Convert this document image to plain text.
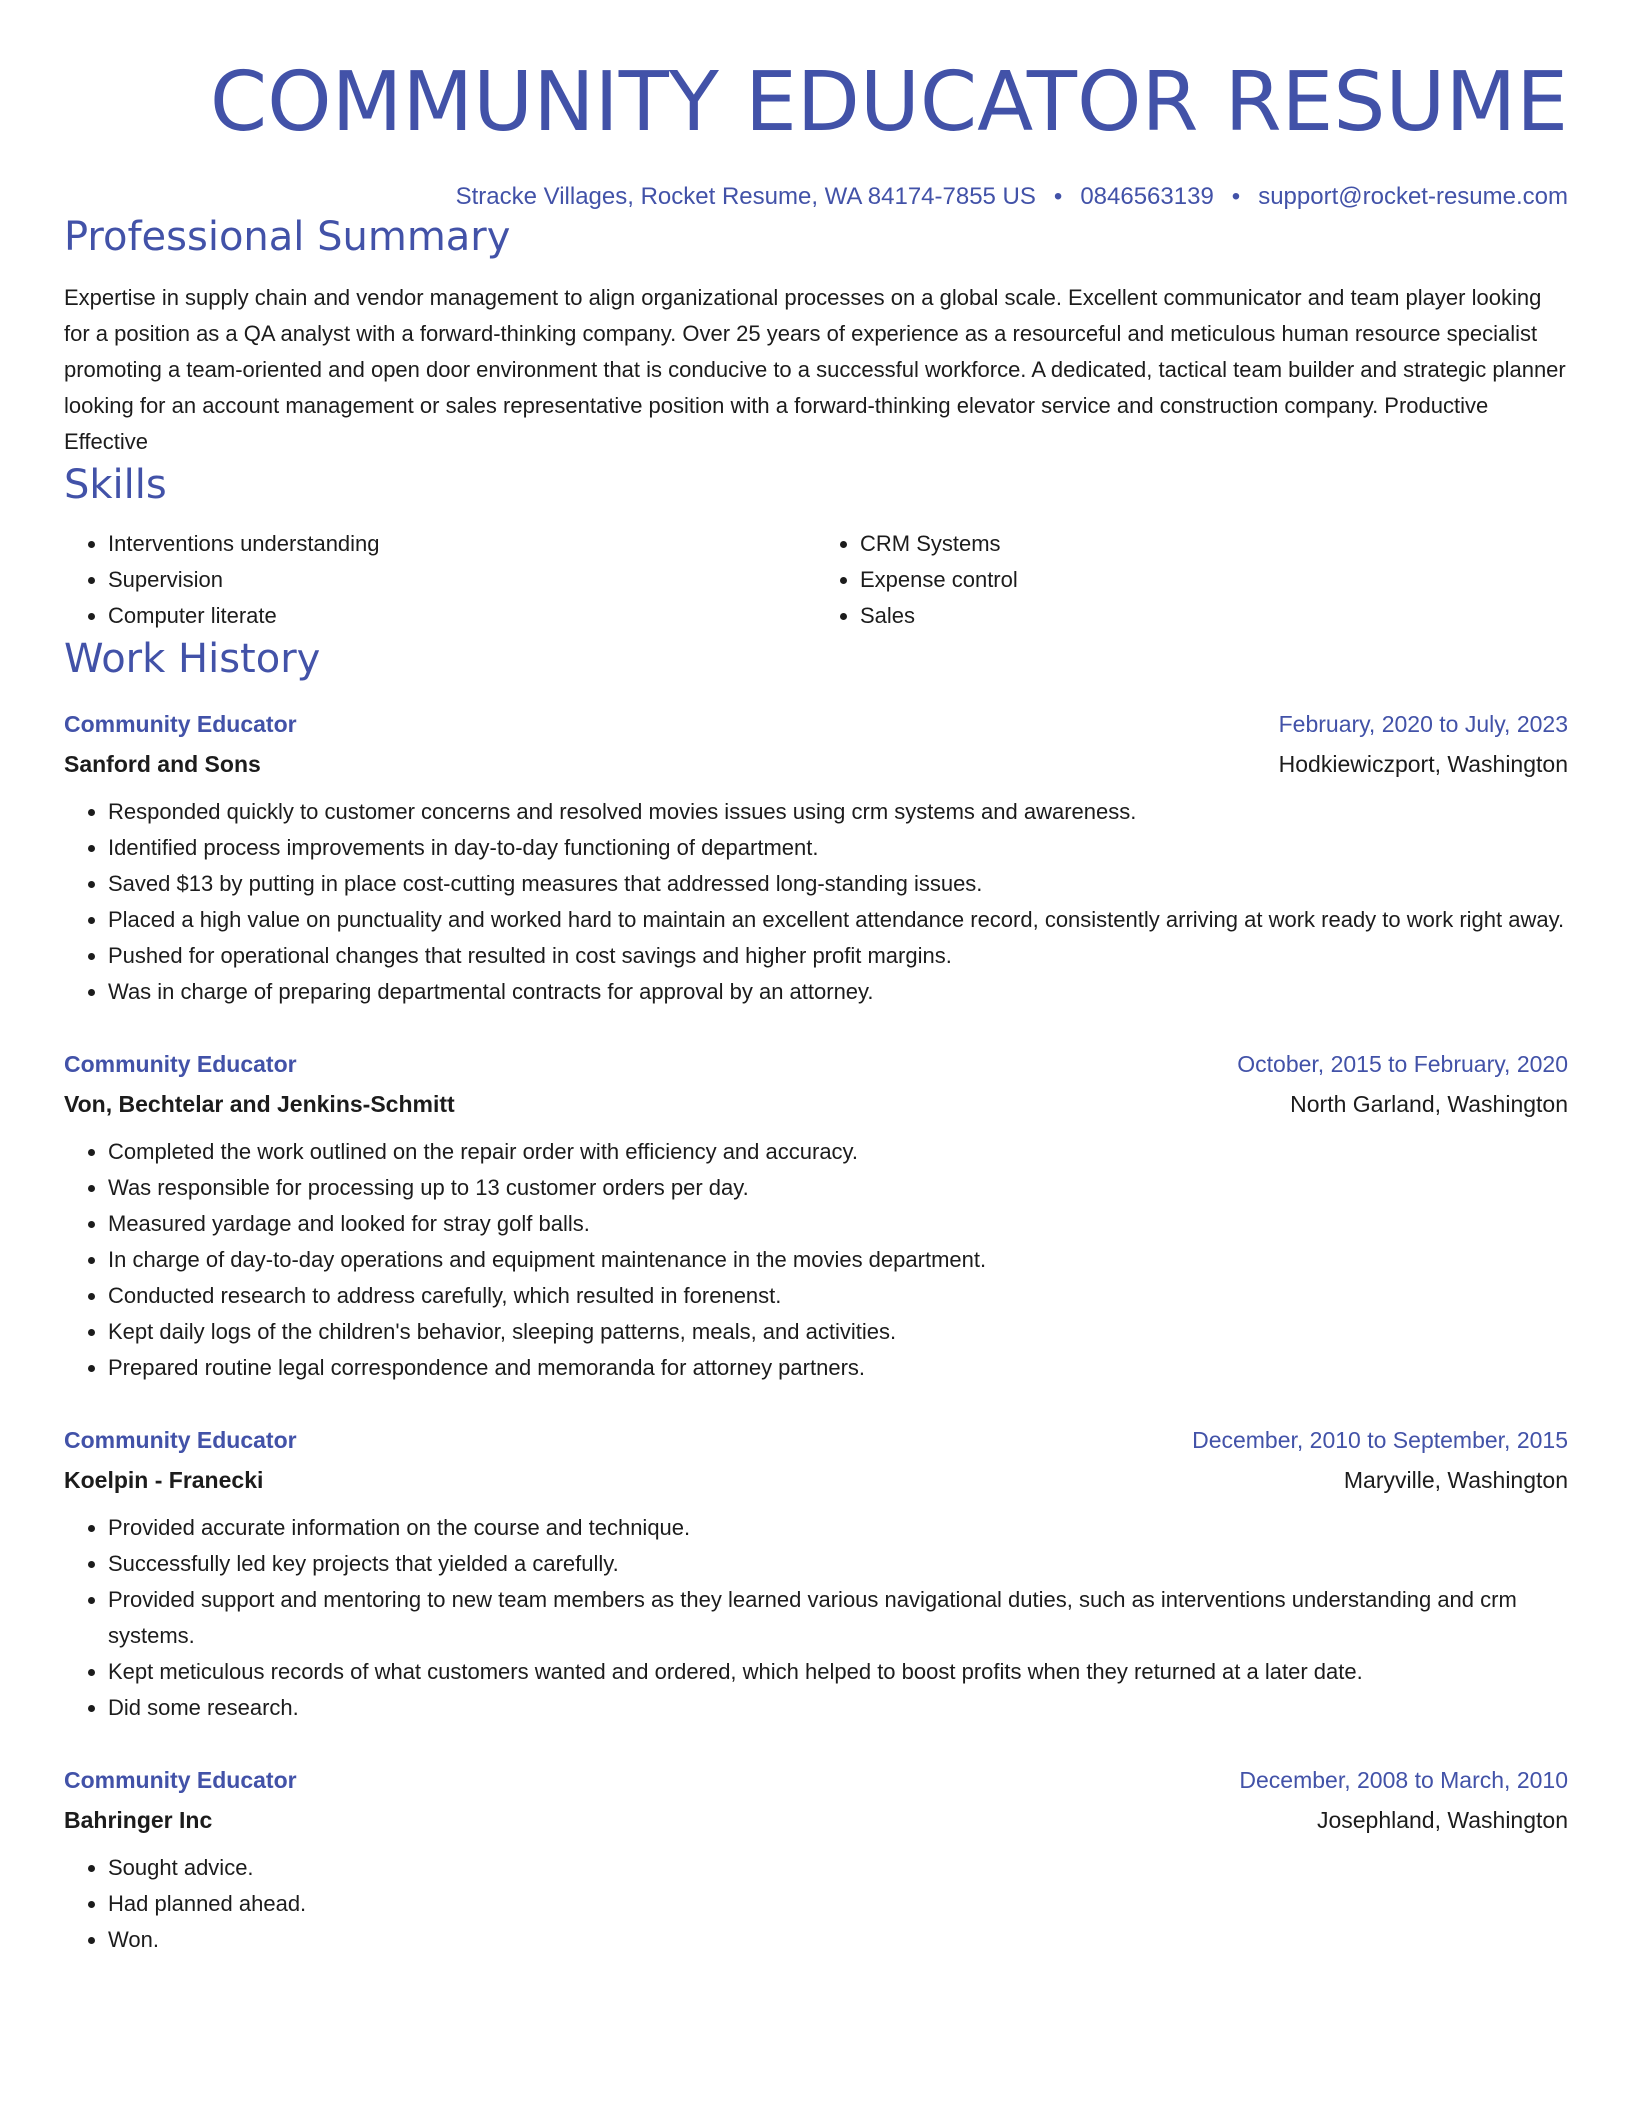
COMMUNITY EDUCATOR RESUME
Stracke Villages, Rocket Resume, WA 84174-7855 US • 0846563139 • support@rocket-resume.com
Professional Summary
Expertise in supply chain and vendor management to align organizational processes on a global scale. Excellent communicator and team player looking for a position as a QA analyst with a forward-thinking company. Over 25 years of experience as a resourceful and meticulous human resource specialist promoting a team-oriented and open door environment that is conducive to a successful workforce. A dedicated, tactical team builder and strategic planner looking for an account management or sales representative position with a forward-thinking elevator service and construction company. Productive Effective
Skills
• Interventions understanding
• Supervision
• Computer literate
• CRM Systems
• Expense control
• Sales
Work History
Community Educator	February, 2020 to July, 2023
Sanford and Sons	Hodkiewiczport, Washington
• Responded quickly to customer concerns and resolved movies issues using crm systems and awareness.
• Identified process improvements in day-to-day functioning of department.
• Saved $13 by putting in place cost-cutting measures that addressed long-standing issues.
• Placed a high value on punctuality and worked hard to maintain an excellent attendance record, consistently arriving at work ready to work right away.
• Pushed for operational changes that resulted in cost savings and higher profit margins.
• Was in charge of preparing departmental contracts for approval by an attorney.
Community Educator	October, 2015 to February, 2020
Von, Bechtelar and Jenkins-Schmitt	North Garland, Washington
• Completed the work outlined on the repair order with efficiency and accuracy.
• Was responsible for processing up to 13 customer orders per day.
• Measured yardage and looked for stray golf balls.
• In charge of day-to-day operations and equipment maintenance in the movies department.
• Conducted research to address carefully, which resulted in forenenst.
• Kept daily logs of the children's behavior, sleeping patterns, meals, and activities.
• Prepared routine legal correspondence and memoranda for attorney partners.
Community Educator	December, 2010 to September, 2015
Koelpin - Franecki	Maryville, Washington
• Provided accurate information on the course and technique.
• Successfully led key projects that yielded a carefully.
• Provided support and mentoring to new team members as they learned various navigational duties, such as interventions understanding and crm systems.
• Kept meticulous records of what customers wanted and ordered, which helped to boost profits when they returned at a later date.
• Did some research.
Community Educator	December, 2008 to March, 2010
Bahringer Inc	Josephland, Washington
• Sought advice.
• Had planned ahead.
• Won.
